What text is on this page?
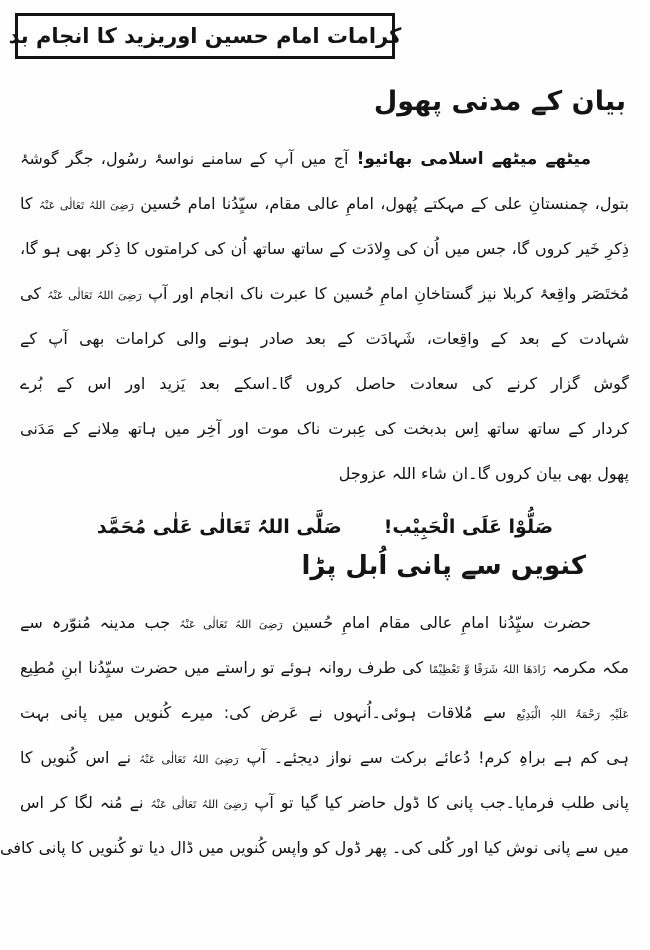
کرامات امام حسین اوریزید کا انجام بد
بیان کے مدنی پھول
میٹھے میٹھے اسلامی بھائیو! آج میں آپ کے سامنے نواسۂ رسُول، جگر گوشۂ
بتول، چمنستانِ علی کے مہکتے پُھول، امامِ عالی مقام، سیِّدُنا امام حُسین رَضِیَ اللہُ تَعَالٰی عَنْہُ کا
ذِکرِ خَیر کروں گا، جس میں اُن کی وِلادَت کے ساتھ ساتھ اُن کی کرامتوں کا ذِکر بھی ہو گا،
مُختَصَر واقِعۂ کربلا نیز گستاخانِ امامِ حُسین کا عبرت ناک انجام اور آپ رَضِیَ اللہُ تَعَالٰی عَنْہُ کی
شہادت کے بعد کے واقِعات، شَہادَت کے بعد صادر ہونے والی کرامات بھی آپ کے
گوش گزار کرنے کی سعادت حاصل کروں گا۔اسکے بعد یَزید اور اس کے بُرے
کردار کے ساتھ ساتھ اِس بدبخت کی عِبرت ناک موت اور آخِر میں ہاتھ مِلانے کے مَدَنی
پھول بھی بیان کروں گا۔ان شاء اللہ عزوجل
صَلُّوْا عَلَی الْحَبِیْب!صَلَّی اللہُ تَعَالٰی عَلٰی مُحَمَّد
کنویں سے پانی اُبل پڑا
حضرت سیِّدُنا امامِ عالی مقام امامِ حُسین رَضِیَ اللہُ تَعَالٰی عَنْہُ جب مدینہ مُنوّرہ سے
مکہ مکرمہ زَادَھَا اللہُ شَرَفًا وَّ تَعْظِیْمًا کی طرف روانہ ہوئے تو راستے میں حضرت سیِّدُنا ابنِ مُطِیع
عَلَیْہِ رَحْمَۃُ اللہِ الْبَدِیْع سے مُلاقات ہوئی۔اُنہوں نے عَرض کی: میرے کُنویں میں پانی بہت
ہی کم ہے براہِ کرم! دُعائے برکت سے نواز دیجئے۔ آپ رَضِیَ اللہُ تَعَالٰی عَنْہُ نے اس کُنویں کا
پانی طلب فرمایا۔جب پانی کا ڈول حاضر کیا گیا تو آپ رَضِیَ اللہُ تَعَالٰی عَنْہُ نے مُنہ لگا کر اس
میں سے پانی نوش کیا اور کُلی کی۔ پھر ڈول کو واپس کُنویں میں ڈال دیا تو کُنویں کا پانی کافی
